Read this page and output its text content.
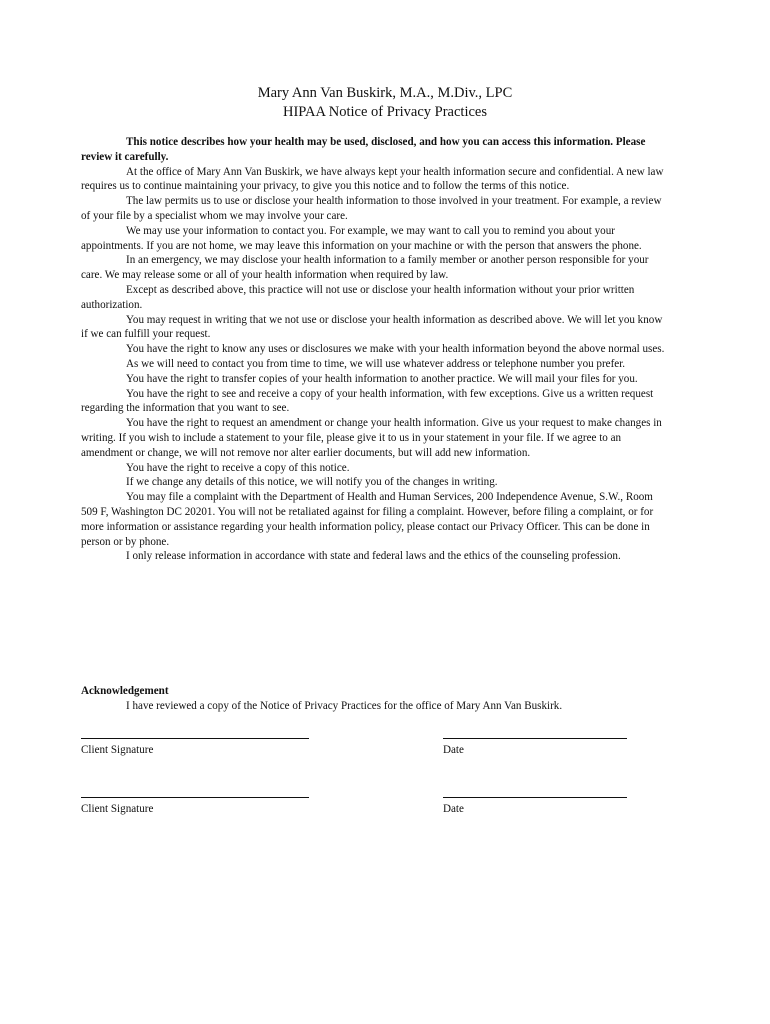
Mary Ann Van Buskirk, M.A., M.Div., LPC
HIPAA Notice of Privacy Practices

This notice describes how your health may be used, disclosed, and how you can access this information. Please review it carefully.

At the office of Mary Ann Van Buskirk, we have always kept your health information secure and confidential. A new law requires us to continue maintaining your privacy, to give you this notice and to follow the terms of this notice.

The law permits us to use or disclose your health information to those involved in your treatment. For example, a review of your file by a specialist whom we may involve your care.

We may use your information to contact you. For example, we may want to call you to remind you about your appointments. If you are not home, we may leave this information on your machine or with the person that answers the phone.

In an emergency, we may disclose your health information to a family member or another person responsible for your care. We may release some or all of your health information when required by law.

Except as described above, this practice will not use or disclose your health information without your prior written authorization.

You may request in writing that we not use or disclose your health information as described above. We will let you know if we can fulfill your request.

You have the right to know any uses or disclosures we make with your health information beyond the above normal uses.

As we will need to contact you from time to time, we will use whatever address or telephone number you prefer.

You have the right to transfer copies of your health information to another practice. We will mail your files for you.

You have the right to see and receive a copy of your health information, with few exceptions. Give us a written request regarding the information that you want to see.

You have the right to request an amendment or change your health information. Give us your request to make changes in writing. If you wish to include a statement to your file, please give it to us in your statement in your file. If we agree to an amendment or change, we will not remove nor alter earlier documents, but will add new information.

You have the right to receive a copy of this notice.

If we change any details of this notice, we will notify you of the changes in writing.

You may file a complaint with the Department of Health and Human Services, 200 Independence Avenue, S.W., Room 509 F, Washington DC 20201. You will not be retaliated against for filing a complaint. However, before filing a complaint, or for more information or assistance regarding your health information policy, please contact our Privacy Officer. This can be done in person or by phone.

I only release information in accordance with state and federal laws and the ethics of the counseling profession.

Acknowledgement

I have reviewed a copy of the Notice of Privacy Practices for the office of Mary Ann Van Buskirk.

Client Signature	Date
Client Signature	Date
